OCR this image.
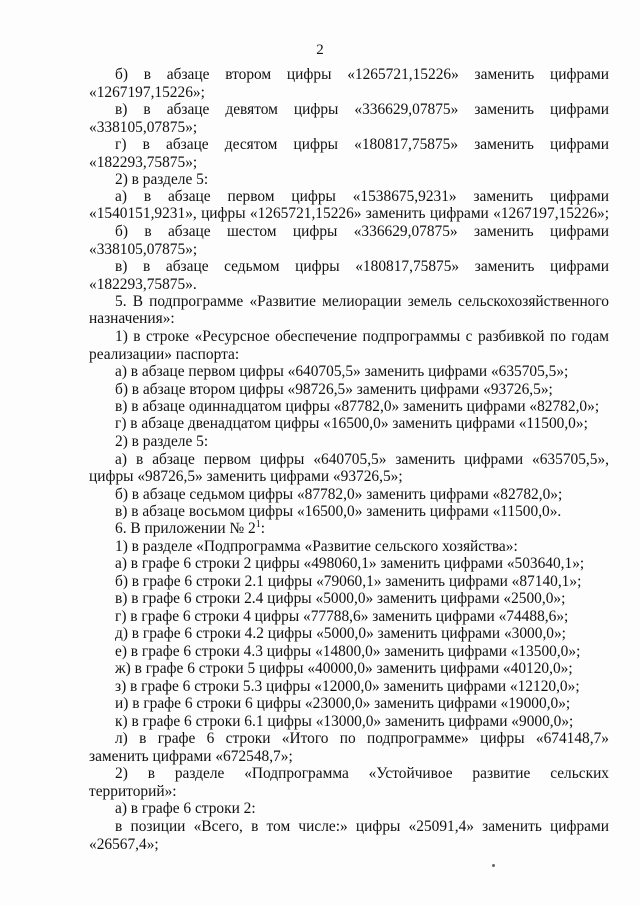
2
б) в абзаце втором цифры «1265721,15226» заменить цифрами
«1267197,15226»;
в) в абзаце девятом цифры «336629,07875» заменить цифрами
«338105,07875»;
г) в абзаце десятом цифры «180817,75875» заменить цифрами
«182293,75875»;
2) в разделе 5:
а) в абзаце первом цифры «1538675,9231» заменить цифрами
«1540151,9231», цифры «1265721,15226» заменить цифрами «1267197,15226»;
б) в абзаце шестом цифры «336629,07875» заменить цифрами
«338105,07875»;
в) в абзаце седьмом цифры «180817,75875» заменить цифрами
«182293,75875».
5. В подпрограмме «Развитие мелиорации земель сельскохозяйственного
назначения»:
1) в строке «Ресурсное обеспечение подпрограммы с разбивкой по годам
реализации» паспорта:
а) в абзаце первом цифры «640705,5» заменить цифрами «635705,5»;
б) в абзаце втором цифры «98726,5» заменить цифрами «93726,5»;
в) в абзаце одиннадцатом цифры «87782,0» заменить цифрами «82782,0»;
г) в абзаце двенадцатом цифры «16500,0» заменить цифрами «11500,0»;
2) в разделе 5:
а) в абзаце первом цифры «640705,5» заменить цифрами «635705,5»,
цифры «98726,5» заменить цифрами «93726,5»;
б) в абзаце седьмом цифры «87782,0» заменить цифрами «82782,0»;
в) в абзаце восьмом цифры «16500,0» заменить цифрами «11500,0».
6. В приложении № $2^1$:
1) в разделе «Подпрограмма «Развитие сельского хозяйства»:
а) в графе 6 строки 2 цифры «498060,1» заменить цифрами «503640,1»;
б) в графе 6 строки 2.1 цифры «79060,1» заменить цифрами «87140,1»;
в) в графе 6 строки 2.4 цифры «5000,0» заменить цифрами «2500,0»;
г) в графе 6 строки 4 цифры «77788,6» заменить цифрами «74488,6»;
д) в графе 6 строки 4.2 цифры «5000,0» заменить цифрами «3000,0»;
е) в графе 6 строки 4.3 цифры «14800,0» заменить цифрами «13500,0»;
ж) в графе 6 строки 5 цифры «40000,0» заменить цифрами «40120,0»;
з) в графе 6 строки 5.3 цифры «12000,0» заменить цифрами «12120,0»;
и) в графе 6 строки 6 цифры «23000,0» заменить цифрами «19000,0»;
к) в графе 6 строки 6.1 цифры «13000,0» заменить цифрами «9000,0»;
л) в графе 6 строки «Итого по подпрограмме» цифры «674148,7»
заменить цифрами «672548,7»;
2) в разделе «Подпрограмма «Устойчивое развитие сельских
территорий»:
а) в графе 6 строки 2:
в позиции «Всего, в том числе:» цифры «25091,4» заменить цифрами
«26567,4»;
